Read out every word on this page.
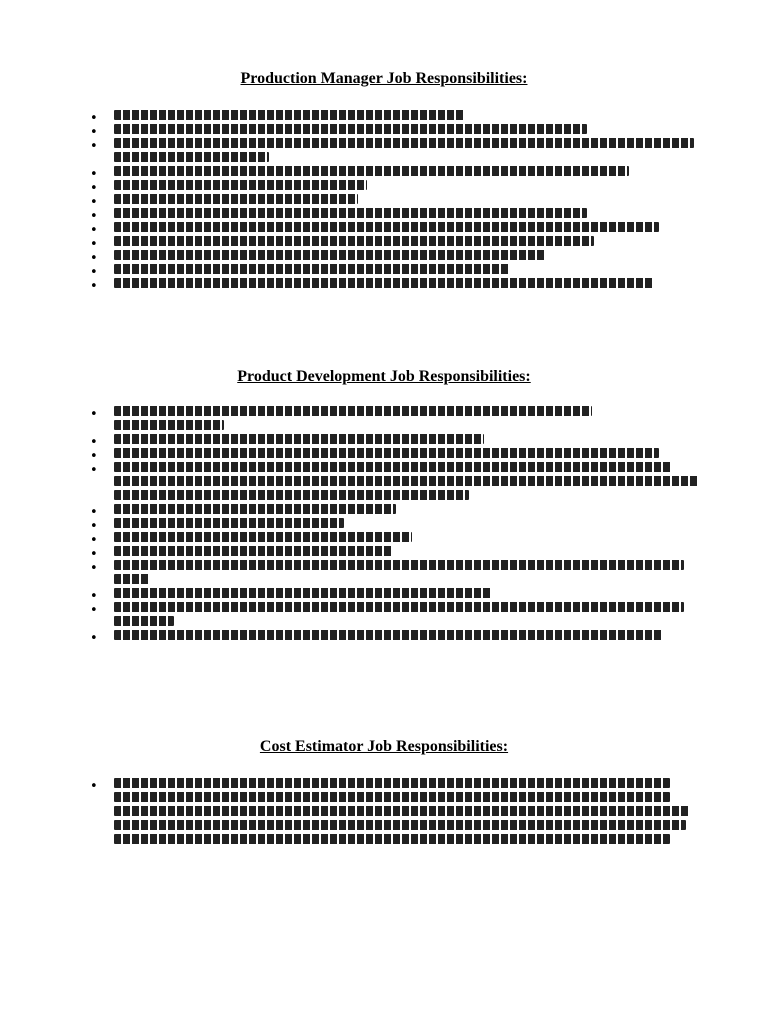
Production Manager Job Responsibilities:
•
•
•
•
•
•
•
•
•
•
•
•
Product Development Job Responsibilities:
•
•
•
•
•
•
•
•
•
•
•
•
Cost Estimator Job Responsibilities:
•
